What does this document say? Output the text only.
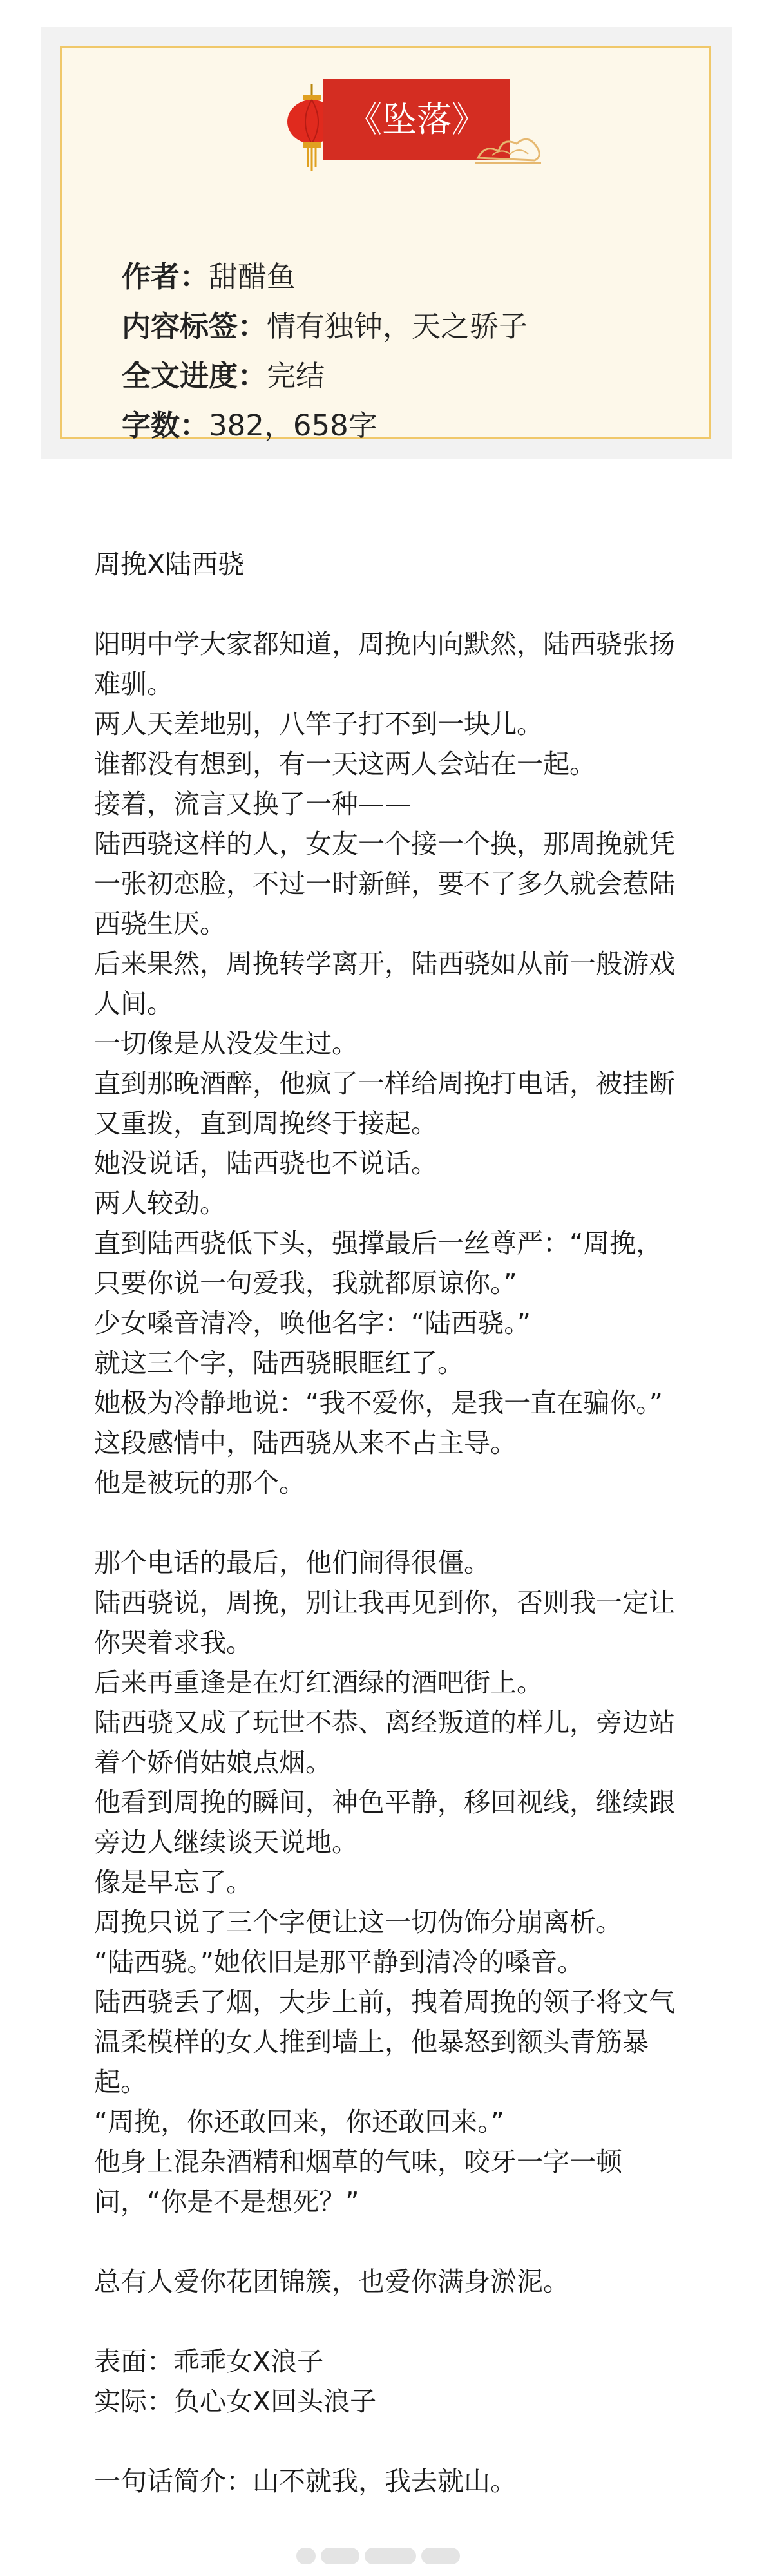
《坠落》
作者：甜醋鱼
内容标签：情有独钟，天之骄子
全文进度：完结
字数：382，658字

周挽X陆西骁

阳明中学大家都知道，周挽内向默然，陆西骁张扬难驯。

两人天差地别，八竿子打不到一块儿。

谁都没有想到，有一天这两人会站在一起。

接着，流言又换了一种——

陆西骁这样的人，女友一个接一个换，那周挽就凭一张初恋脸，不过一时新鲜，要不了多久就会惹陆西骁生厌。

后来果然，周挽转学离开，陆西骁如从前一般游戏人间。

一切像是从没发生过。

直到那晚酒醉，他疯了一样给周挽打电话，被挂断又重拨，直到周挽终于接起。

她没说话，陆西骁也不说话。

两人较劲。

直到陆西骁低下头，强撑最后一丝尊严：“周挽，只要你说一句爱我，我就都原谅你。”

少女嗓音清冷，唤他名字：“陆西骁。”

就这三个字，陆西骁眼眶红了。

她极为冷静地说：“我不爱你，是我一直在骗你。”

这段感情中，陆西骁从来不占主导。

他是被玩的那个。

那个电话的最后，他们闹得很僵。

陆西骁说，周挽，别让我再见到你，否则我一定让你哭着求我。

后来再重逢是在灯红酒绿的酒吧街上。

陆西骁又成了玩世不恭、离经叛道的样儿，旁边站着个娇俏姑娘点烟。

他看到周挽的瞬间，神色平静，移回视线，继续跟旁边人继续谈天说地。

像是早忘了。

周挽只说了三个字便让这一切伪饰分崩离析。

“陆西骁。”她依旧是那平静到清冷的嗓音。

陆西骁丢了烟，大步上前，拽着周挽的领子将文气温柔模样的女人推到墙上，他暴怒到额头青筋暴起。

“周挽，你还敢回来，你还敢回来。”

他身上混杂酒精和烟草的气味，咬牙一字一顿问，“你是不是想死？”

总有人爱你花团锦簇，也爱你满身淤泥。

表面：乖乖女X浪子

实际：负心女X回头浪子

一句话简介：山不就我，我去就山。
